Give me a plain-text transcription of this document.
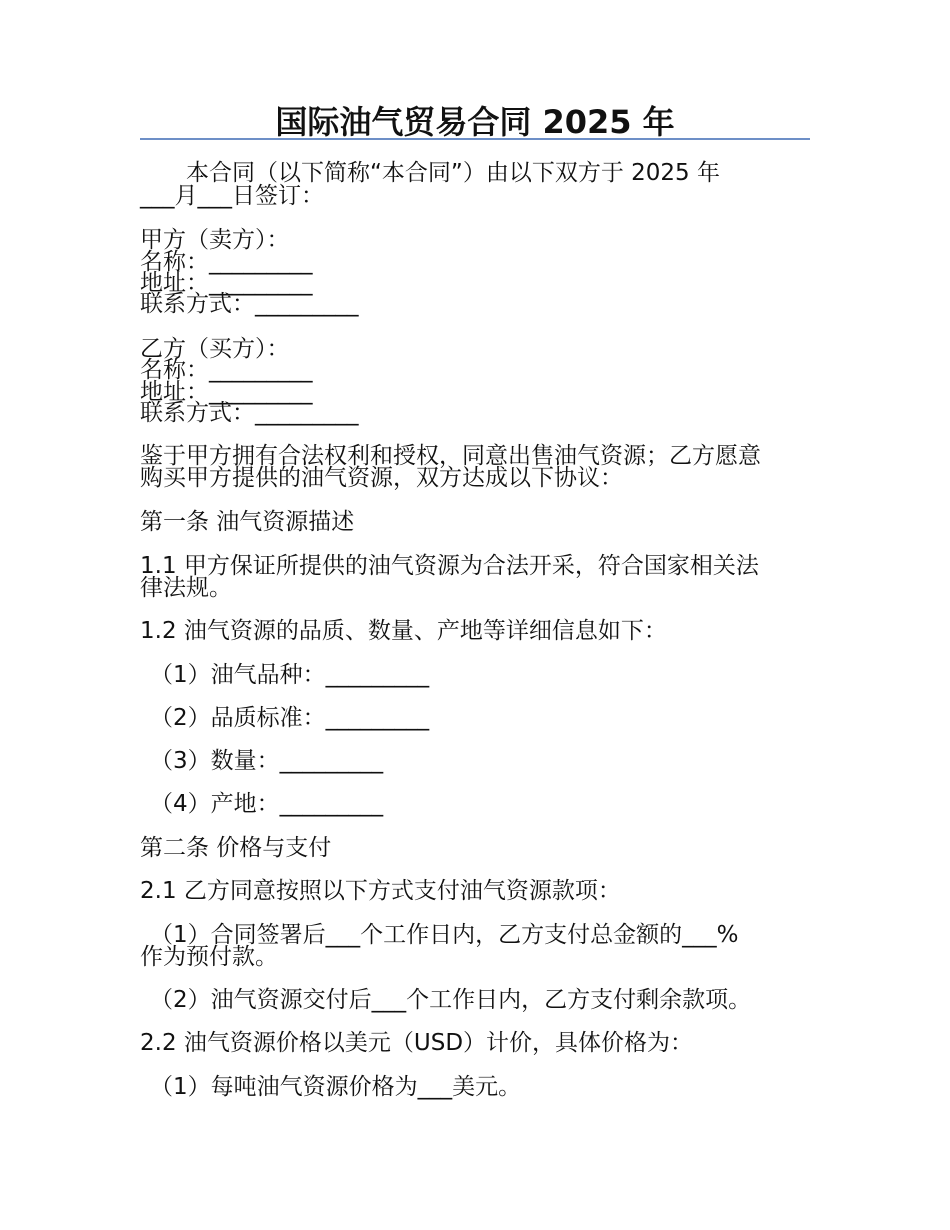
国际油气贸易合同 2025 年
本合同（以下简称“本合同”）由以下双方于 2025 年
___月___日签订：
甲方（卖方）：
名称：_________
地址：_________
联系方式：_________
乙方（买方）：
名称：_________
地址：_________
联系方式：_________
鉴于甲方拥有合法权利和授权，同意出售油气资源；乙方愿意
购买甲方提供的油气资源，双方达成以下协议：
第一条 油气资源描述
1.1 甲方保证所提供的油气资源为合法开采，符合国家相关法
律法规。
1.2 油气资源的品质、数量、产地等详细信息如下：
（1）油气品种：_________
（2）品质标准：_________
（3）数量：_________
（4）产地：_________
第二条 价格与支付
2.1 乙方同意按照以下方式支付油气资源款项：
（1）合同签署后___个工作日内，乙方支付总金额的___%
作为预付款。
（2）油气资源交付后___个工作日内，乙方支付剩余款项。
2.2 油气资源价格以美元（USD）计价，具体价格为：
（1）每吨油气资源价格为___美元。
